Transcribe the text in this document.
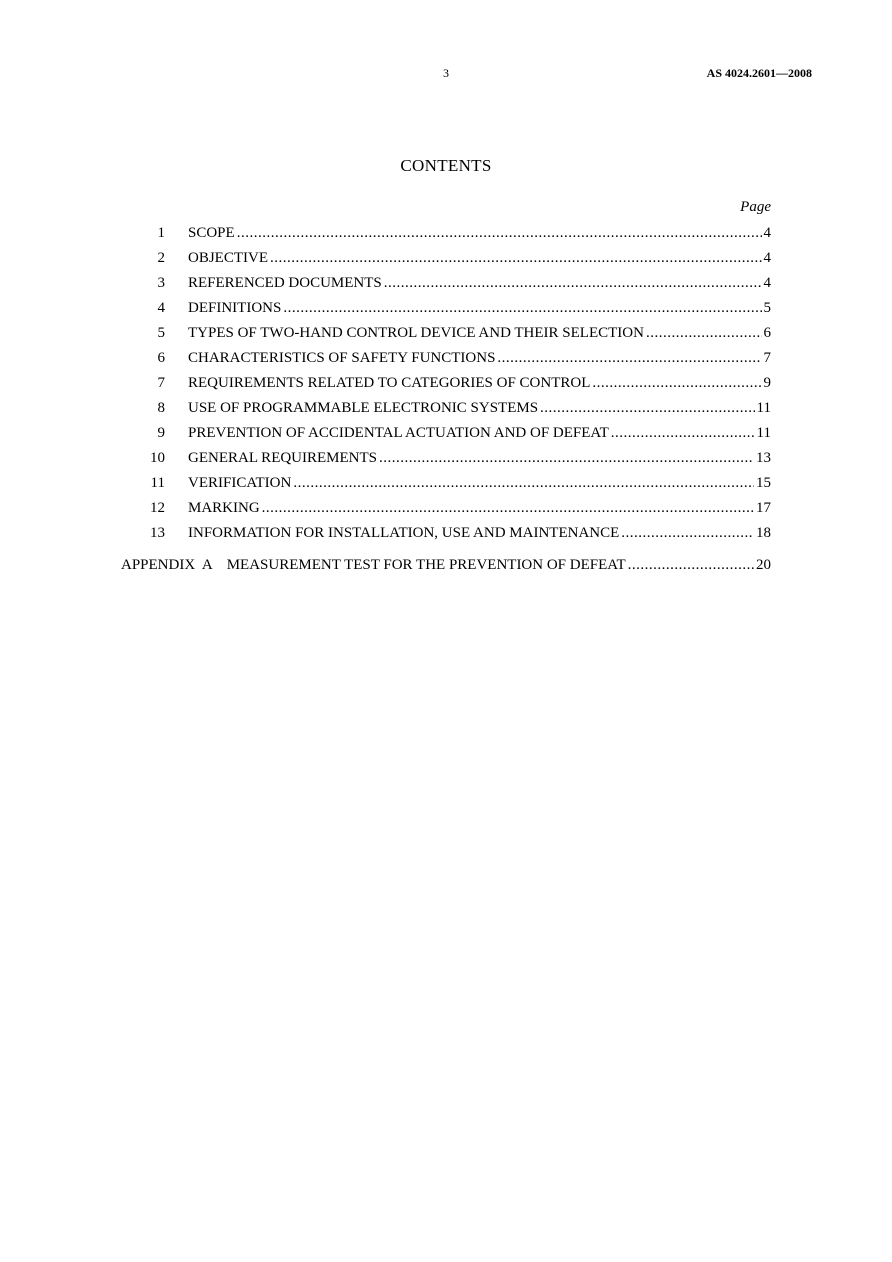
3	AS 4024.2601—2008
CONTENTS
Page
1	SCOPE .....	4
2	OBJECTIVE .....	4
3	REFERENCED DOCUMENTS .....	4
4	DEFINITIONS .....	5
5	TYPES OF TWO-HAND CONTROL DEVICE AND THEIR SELECTION .....	6
6	CHARACTERISTICS OF SAFETY FUNCTIONS .....	7
7	REQUIREMENTS RELATED TO CATEGORIES OF CONTROL .....	9
8	USE OF PROGRAMMABLE ELECTRONIC SYSTEMS .....	11
9	PREVENTION OF ACCIDENTAL ACTUATION AND OF DEFEAT .....	11
10	GENERAL REQUIREMENTS .....	13
11	VERIFICATION .....	15
12	MARKING .....	17
13	INFORMATION FOR INSTALLATION, USE AND MAINTENANCE .....	18
APPENDIX  A MEASUREMENT TEST FOR THE PREVENTION OF DEFEAT .....	20
